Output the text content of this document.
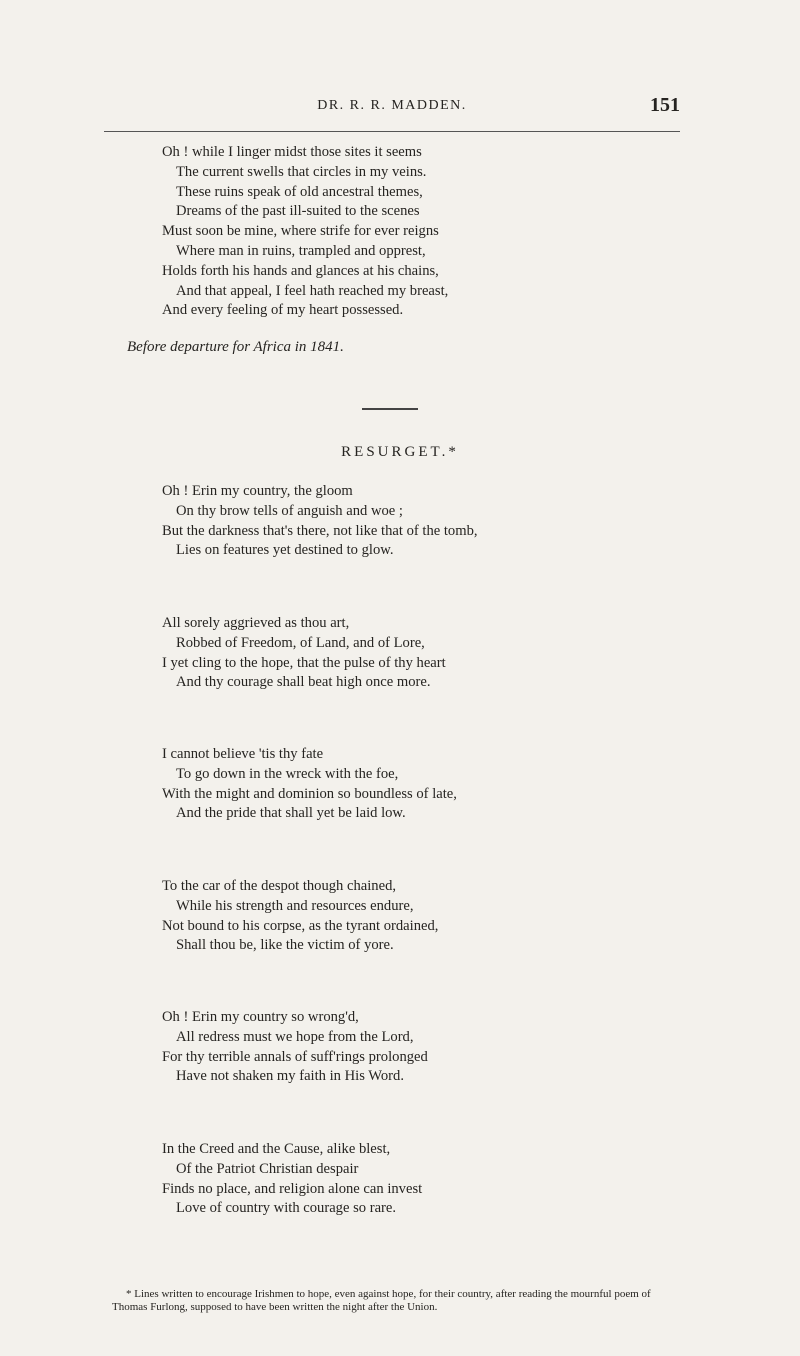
DR. R. R. MADDEN.	151
Oh ! while I linger midst those sites it seems
The current swells that circles in my veins.
These ruins speak of old ancestral themes,
Dreams of the past ill-suited to the scenes
Must soon be mine, where strife for ever reigns
Where man in ruins, trampled and opprest,
Holds forth his hands and glances at his chains,
And that appeal, I feel hath reached my breast,
And every feeling of my heart possessed.
Before departure for Africa in 1841.
RESURGET.*
Oh ! Erin my country, the gloom
On thy brow tells of anguish and woe ;
But the darkness that's there, not like that of the tomb,
Lies on features yet destined to glow.
All sorely aggrieved as thou art,
Robbed of Freedom, of Land, and of Lore,
I yet cling to the hope, that the pulse of thy heart
And thy courage shall beat high once more.
I cannot believe 'tis thy fate
To go down in the wreck with the foe,
With the might and dominion so boundless of late,
And the pride that shall yet be laid low.
To the car of the despot though chained,
While his strength and resources endure,
Not bound to his corpse, as the tyrant ordained,
Shall thou be, like the victim of yore.
Oh ! Erin my country so wrong'd,
All redress must we hope from the Lord,
For thy terrible annals of suff'rings prolonged
Have not shaken my faith in His Word.
In the Creed and the Cause, alike blest,
Of the Patriot Christian despair
Finds no place, and religion alone can invest
Love of country with courage so rare.
* Lines written to encourage Irishmen to hope, even against hope, for their country, after reading the mournful poem of Thomas Furlong, supposed to have been written the night after the Union.
